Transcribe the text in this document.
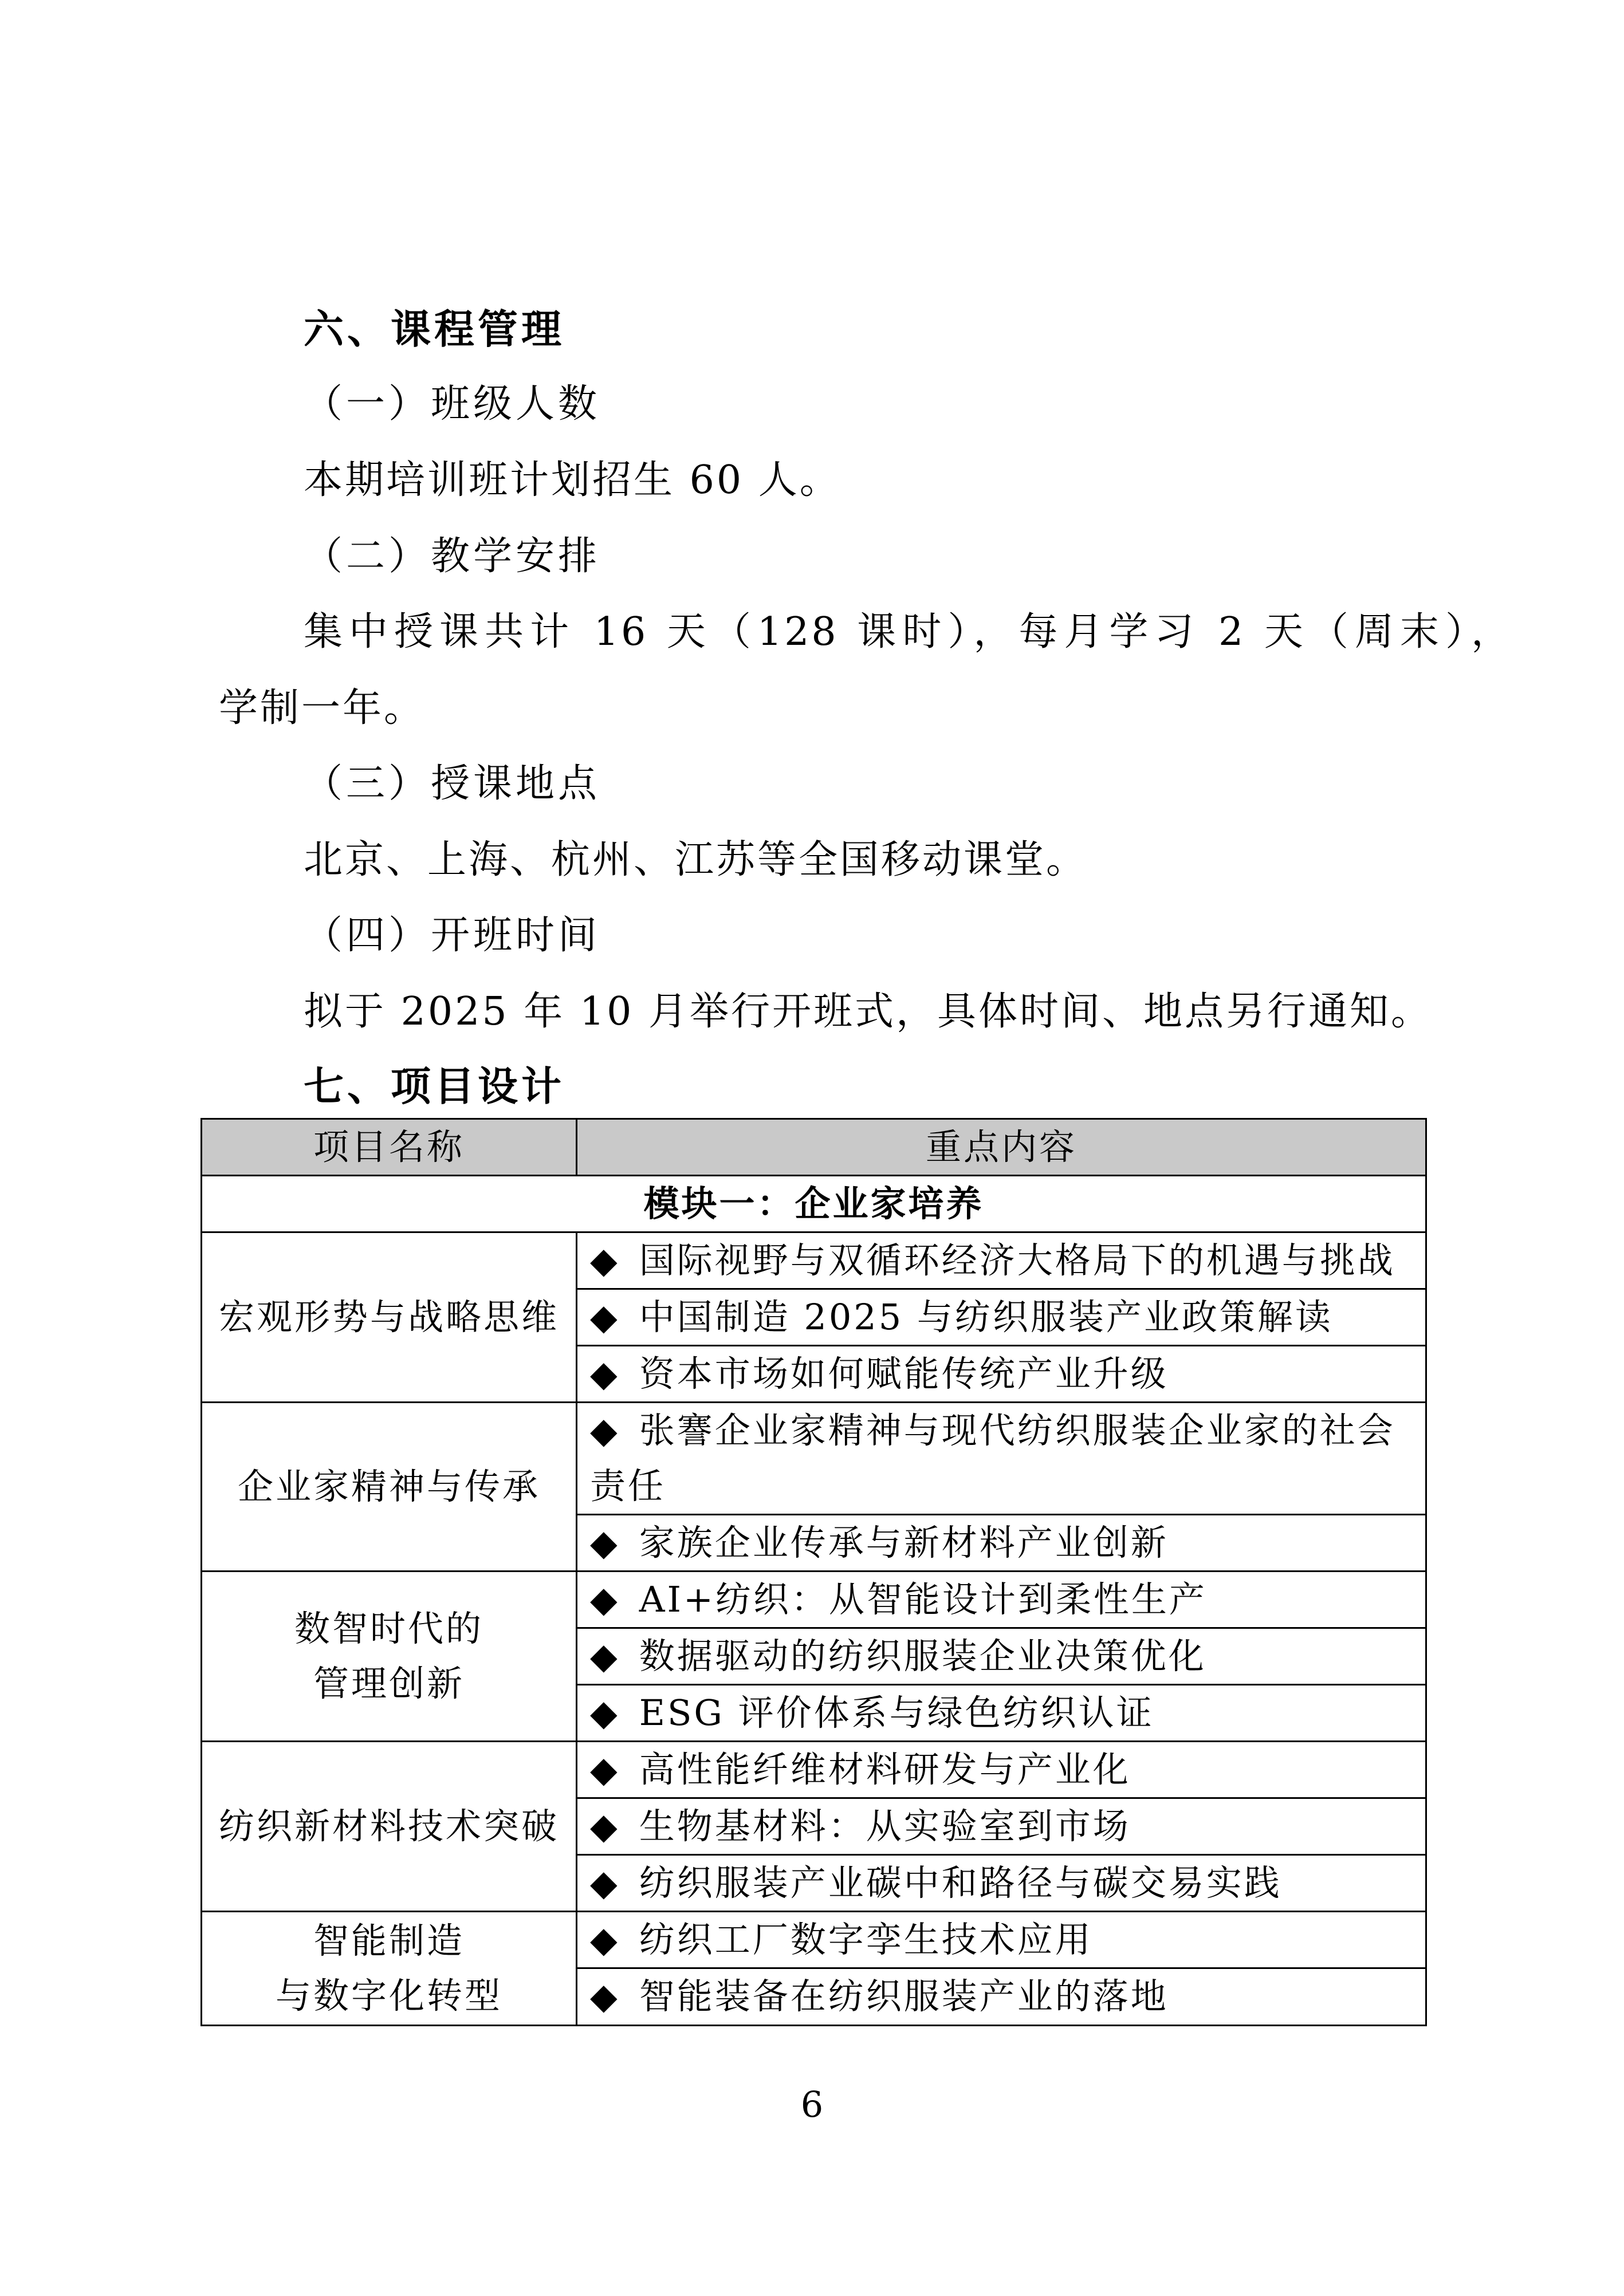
六、课程管理
（一）班级人数
本期培训班计划招生 60 人。
（二）教学安排
集中授课共计 16 天（128 课时），每月学习 2 天（周末），
学制一年。
（三）授课地点
北京、上海、杭州、江苏等全国移动课堂。
（四）开班时间
拟于 2025 年 10 月举行开班式，具体时间、地点另行通知。
七、项目设计
项目名称	重点内容
模块一：企业家培养	
宏观形势与战略思维	◆ 国际视野与双循环经济大格局下的机遇与挑战
	◆ 中国制造 2025 与纺织服装产业政策解读
	◆ 资本市场如何赋能传统产业升级
企业家精神与传承	◆ 张謇企业家精神与现代纺织服装企业家的社会责任
	◆ 家族企业传承与新材料产业创新

数智时代的
管理创新	◆ AI+纺织：从智能设计到柔性生产
	◆ 数据驱动的纺织服装企业决策优化
	◆ ESG 评价体系与绿色纺织认证
纺织新材料技术突破	◆ 高性能纤维材料研发与产业化
	◆ 生物基材料：从实验室到市场
	◆ 纺织服装产业碳中和路径与碳交易实践

智能制造
与数字化转型	◆ 纺织工厂数字孪生技术应用
	◆ 智能装备在纺织服装产业的落地
6
